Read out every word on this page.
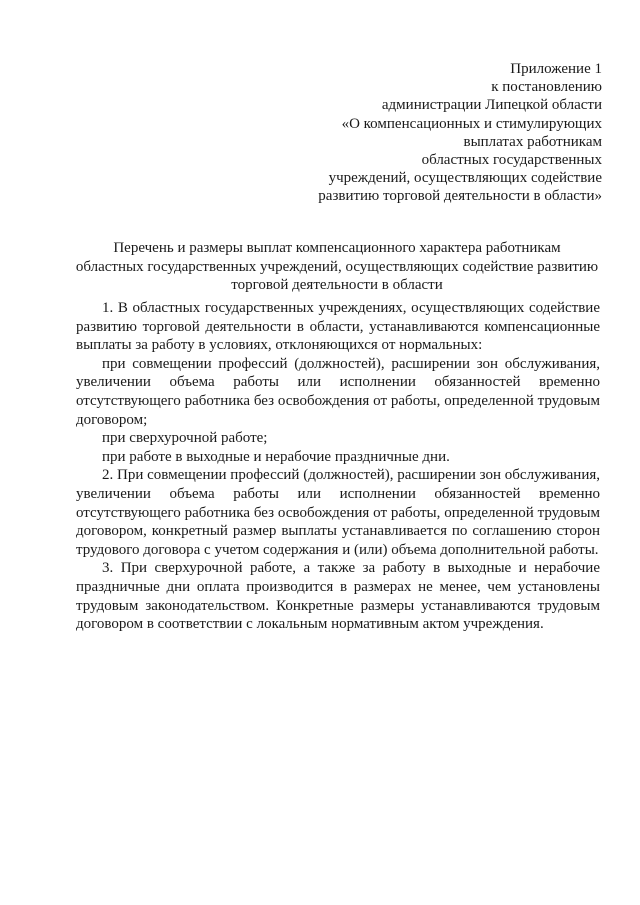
Приложение 1
к постановлению
администрации Липецкой области
«О компенсационных и стимулирующих
выплатах работникам
областных государственных
учреждений, осуществляющих содействие
развитию торговой деятельности в области»
Перечень и размеры выплат компенсационного характера работникам
областных государственных учреждений, осуществляющих содействие развитию
торговой деятельности в области

1. В областных государственных учреждениях, осуществляющих содействие развитию торговой деятельности в области, устанавливаются компенсационные выплаты за работу в условиях, отклоняющихся от нормальных:

при совмещении профессий (должностей), расширении зон обслуживания, увеличении объема работы или исполнении обязанностей временно отсутствующего работника без освобождения от работы, определенной трудовым договором;

при сверхурочной работе;

при работе в выходные и нерабочие праздничные дни.

2. При совмещении профессий (должностей), расширении зон обслуживания, увеличении объема работы или исполнении обязанностей временно отсутствующего работника без освобождения от работы, определенной трудовым договором, конкретный размер выплаты устанавливается по соглашению сторон трудового договора с учетом содержания и (или) объема дополнительной работы.

3. При сверхурочной работе, а также за работу в выходные и нерабочие праздничные дни оплата производится в размерах не менее, чем установлены трудовым законодательством. Конкретные размеры устанавливаются трудовым договором в соответствии с локальным нормативным актом учреждения.
